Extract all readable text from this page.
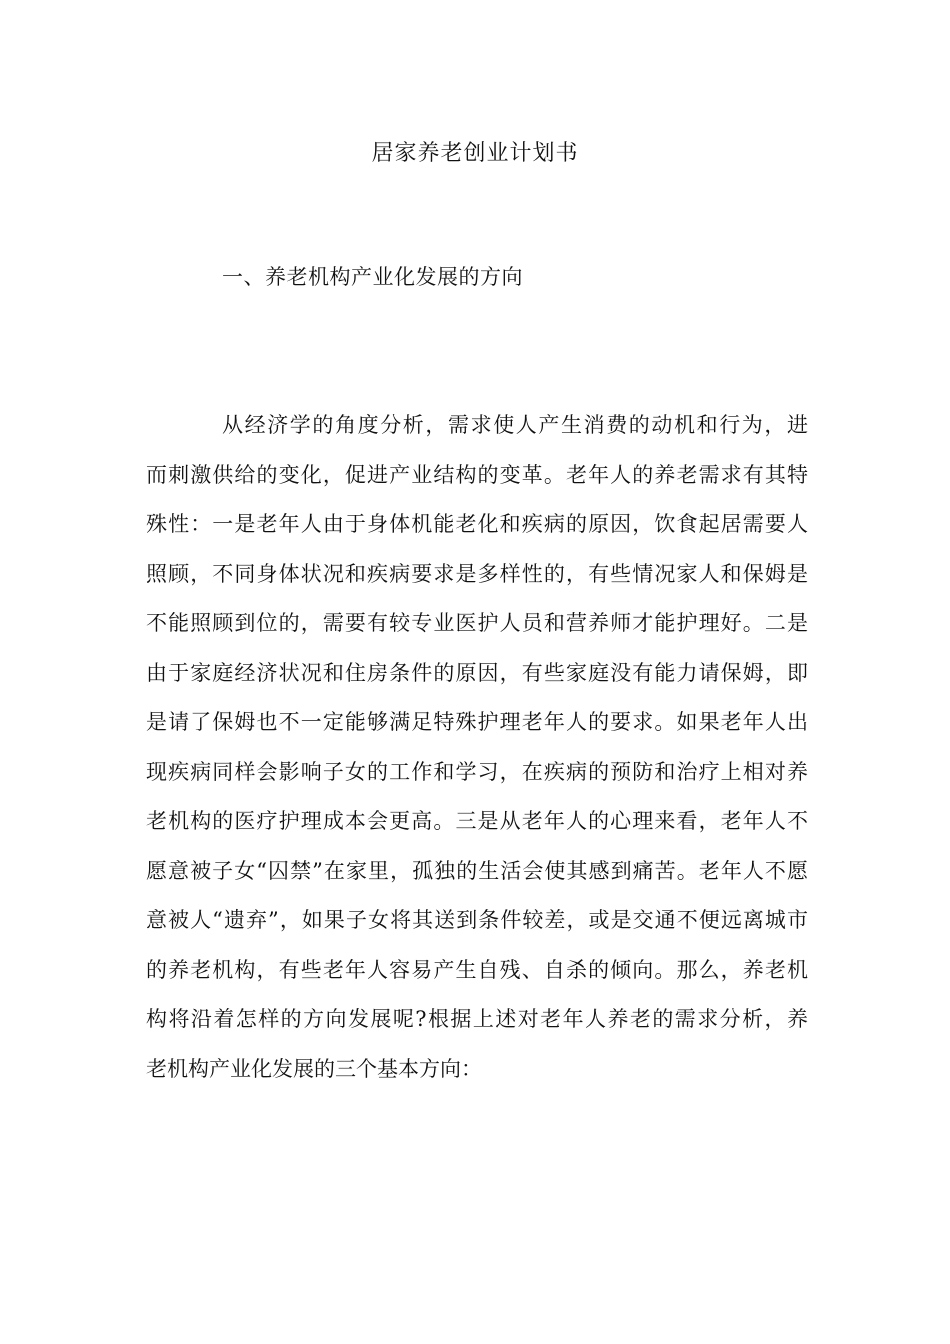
居家养老创业计划书
一、养老机构产业化发展的方向
从经济学的角度分析，需求使人产生消费的动机和行为，进
而刺激供给的变化，促进产业结构的变革。老年人的养老需求有其特
殊性：一是老年人由于身体机能老化和疾病的原因，饮食起居需要人
照顾，不同身体状况和疾病要求是多样性的，有些情况家人和保姆是
不能照顾到位的，需要有较专业医护人员和营养师才能护理好。二是
由于家庭经济状况和住房条件的原因，有些家庭没有能力请保姆，即
是请了保姆也不一定能够满足特殊护理老年人的要求。如果老年人出
现疾病同样会影响子女的工作和学习，在疾病的预防和治疗上相对养
老机构的医疗护理成本会更高。三是从老年人的心理来看，老年人不
愿意被子女“囚禁”在家里，孤独的生活会使其感到痛苦。老年人不愿
意被人“遗弃”，如果子女将其送到条件较差，或是交通不便远离城市
的养老机构，有些老年人容易产生自残、自杀的倾向。那么，养老机
构将沿着怎样的方向发展呢?根据上述对老年人养老的需求分析，养
老机构产业化发展的三个基本方向：
